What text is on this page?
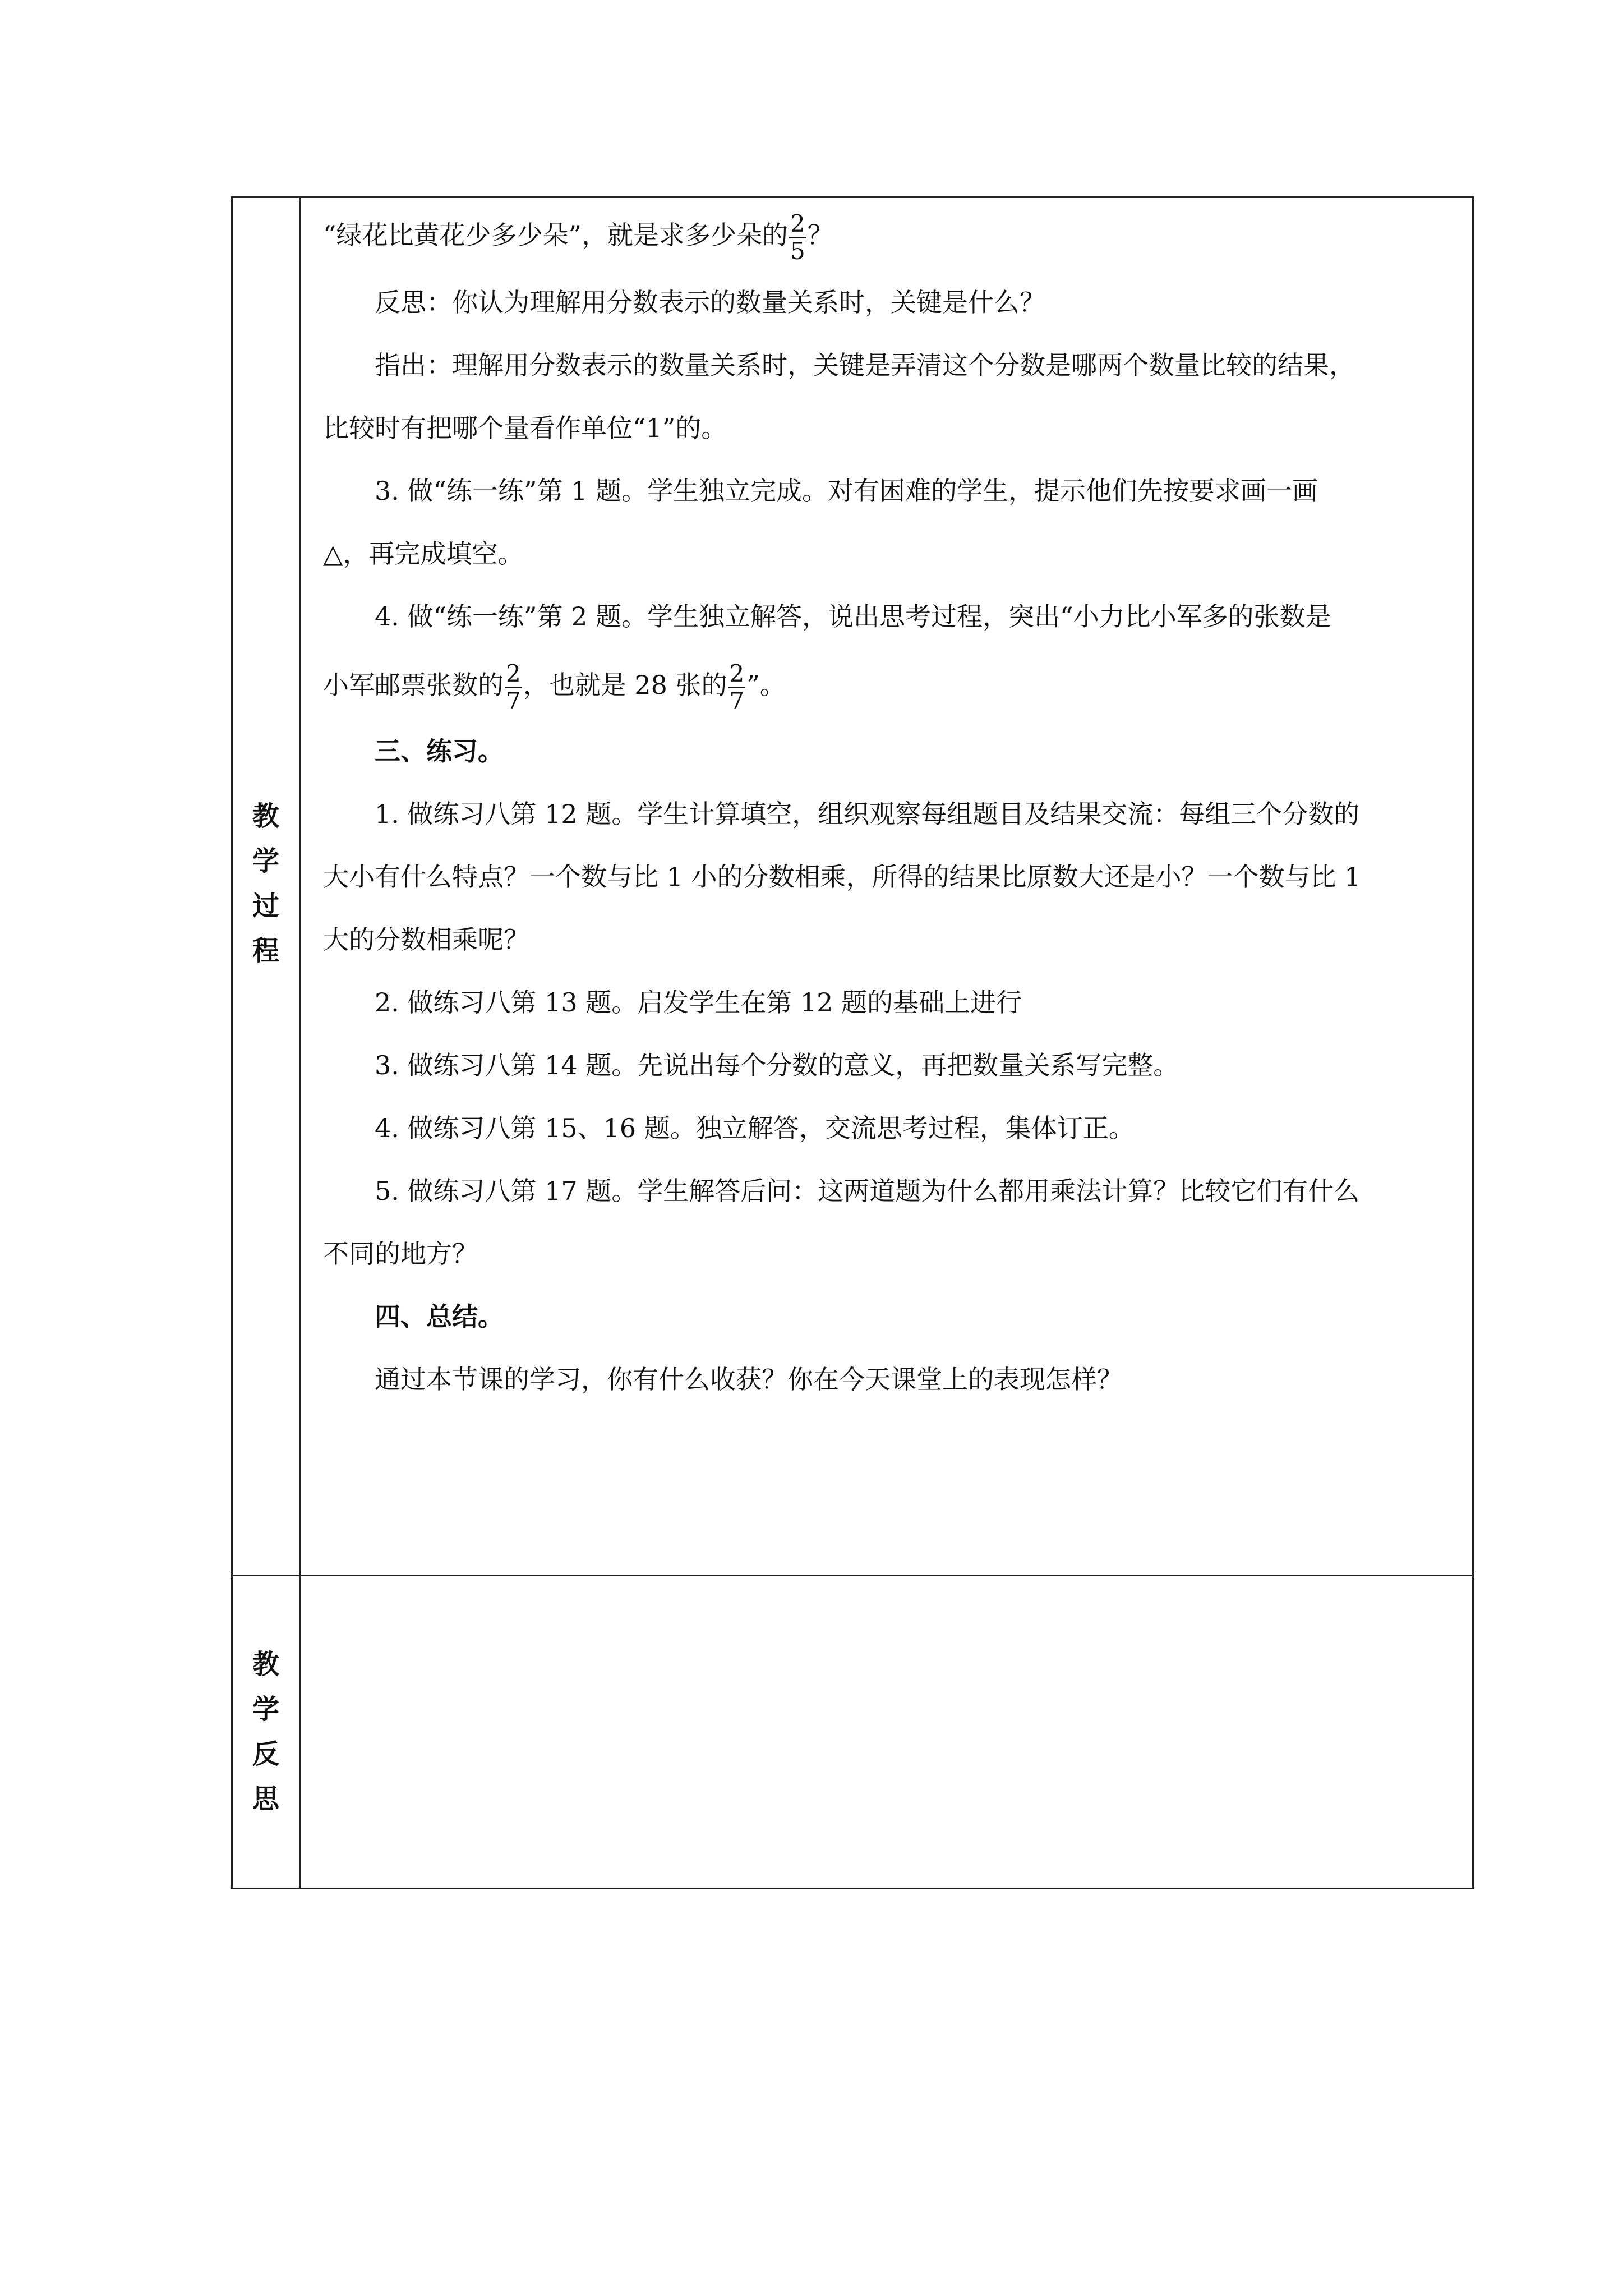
教
学
过
程
教
学
反
思
“绿花比黄花少多少朵”，就是求多少朵的 $\frac{2}{5}$ ？
反思：你认为理解用分数表示的数量关系时，关键是什么？
指出：理解用分数表示的数量关系时，关键是弄清这个分数是哪两个数量比较的结果，
比较时有把哪个量看作单位“1”的。
3. 做“练一练”第 1 题。学生独立完成。对有困难的学生，提示他们先按要求画一画
△，再完成填空。
4. 做“练一练”第 2 题。学生独立解答，说出思考过程，突出“小力比小军多的张数是
小军邮票张数的 $\frac{2}{7}$ ，也就是 28 张的 $\frac{2}{7}$ ”。
三、练习。
1. 做练习八第 12 题。学生计算填空，组织观察每组题目及结果交流：每组三个分数的
大小有什么特点？一个数与比 1 小的分数相乘，所得的结果比原数大还是小？一个数与比 1
大的分数相乘呢？
2. 做练习八第 13 题。启发学生在第 12 题的基础上进行
3. 做练习八第 14 题。先说出每个分数的意义，再把数量关系写完整。
4. 做练习八第 15、16 题。独立解答，交流思考过程，集体订正。
5. 做练习八第 17 题。学生解答后问：这两道题为什么都用乘法计算？比较它们有什么
不同的地方？
四、总结。
通过本节课的学习，你有什么收获？你在今天课堂上的表现怎样？
